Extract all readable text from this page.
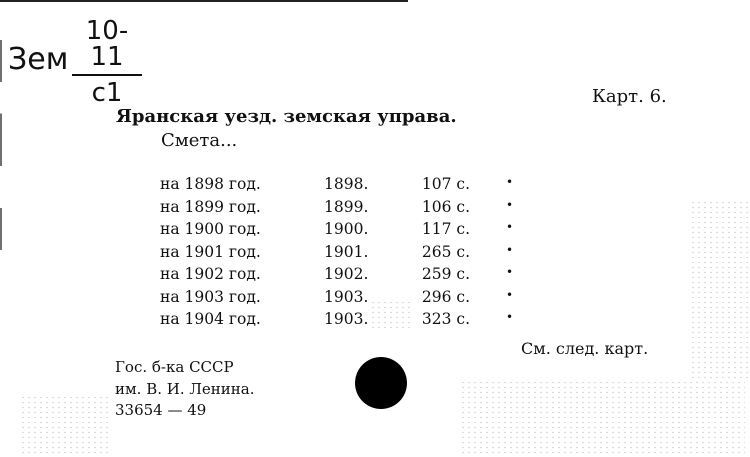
Зем $\frac{10-11}{c1}$	Карт. 6.
Яранская уезд. земская управа.
Смета...
на 1898 год.	1898.	107 с.	•
на 1899 год.	1899.	106 с.	•
на 1900 год.	1900.	117 с.	•
на 1901 год.	1901.	265 с.	•
на 1902 год.	1902.	259 с.	•
на 1903 год.	1903.	296 с.	•
на 1904 год.	1903.	323 с.	•
См. след. карт.
Гос. б-ка СССР
им. В. И. Ленина.
33654 — 49
